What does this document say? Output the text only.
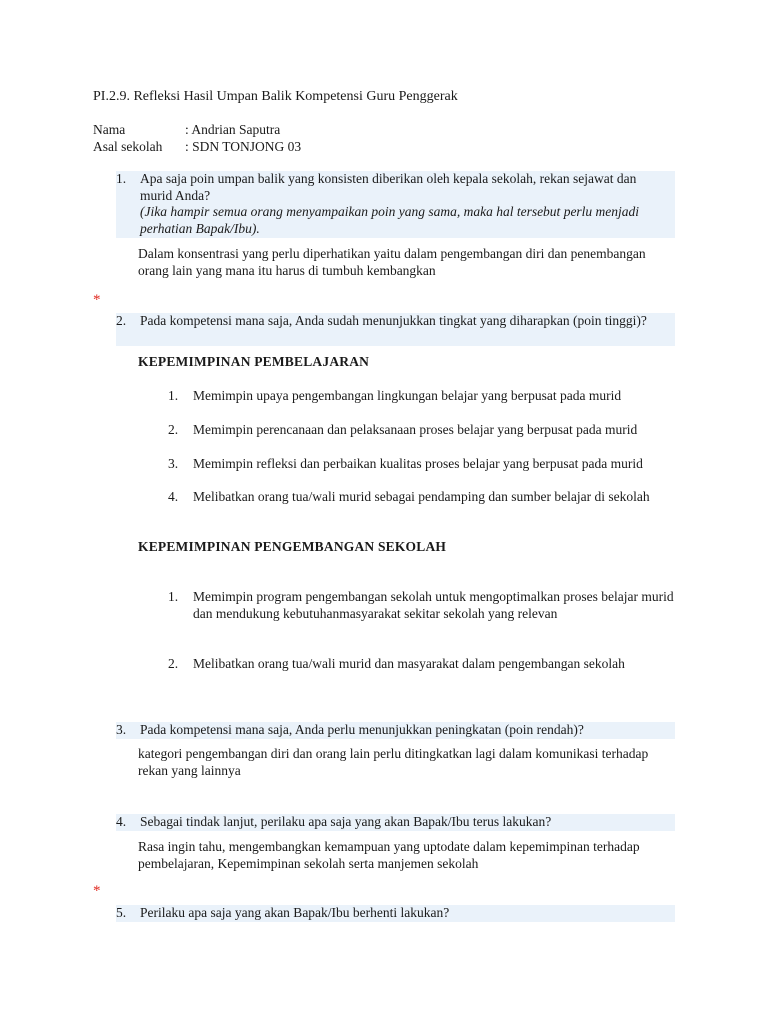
PI.2.9. Refleksi Hasil Umpan Balik Kompetensi Guru Penggerak
Nama	: Andrian Saputra
Asal sekolah : SDN TONJONG 03
1.	Apa saja poin umpan balik yang konsisten diberikan oleh kepala sekolah, rekan sejawat dan murid Anda?
(Jika hampir semua orang menyampaikan poin yang sama, maka hal tersebut perlu menjadi perhatian Bapak/Ibu).
Dalam konsentrasi yang perlu diperhatikan yaitu dalam pengembangan diri dan penembangan orang lain yang mana itu harus di tumbuh kembangkan
*
2.	Pada kompetensi mana saja, Anda sudah menunjukkan tingkat yang diharapkan (poin tinggi)?
KEPEMIMPINAN PEMBELAJARAN
1. Memimpin upaya pengembangan lingkungan belajar yang berpusat pada murid
2. Memimpin perencanaan dan pelaksanaan proses belajar yang berpusat pada murid
3. Memimpin refleksi dan perbaikan kualitas proses belajar yang berpusat pada murid
4. Melibatkan orang tua/wali murid sebagai pendamping dan sumber belajar di sekolah
KEPEMIMPINAN PENGEMBANGAN SEKOLAH
1. Memimpin program pengembangan sekolah untuk mengoptimalkan proses belajar murid dan mendukung kebutuhanmasyarakat sekitar sekolah yang relevan
2. Melibatkan orang tua/wali murid dan masyarakat dalam pengembangan sekolah
3.	Pada kompetensi mana saja, Anda perlu menunjukkan peningkatan (poin rendah)?
kategori pengembangan diri dan orang lain perlu ditingkatkan lagi dalam komunikasi terhadap rekan yang lainnya
4.	Sebagai tindak lanjut, perilaku apa saja yang akan Bapak/Ibu terus lakukan?
Rasa ingin tahu, mengembangkan kemampuan yang uptodate dalam kepemimpinan terhadap pembelajaran, Kepemimpinan sekolah serta manjemen sekolah
*
5.	Perilaku apa saja yang akan Bapak/Ibu berhenti lakukan?
